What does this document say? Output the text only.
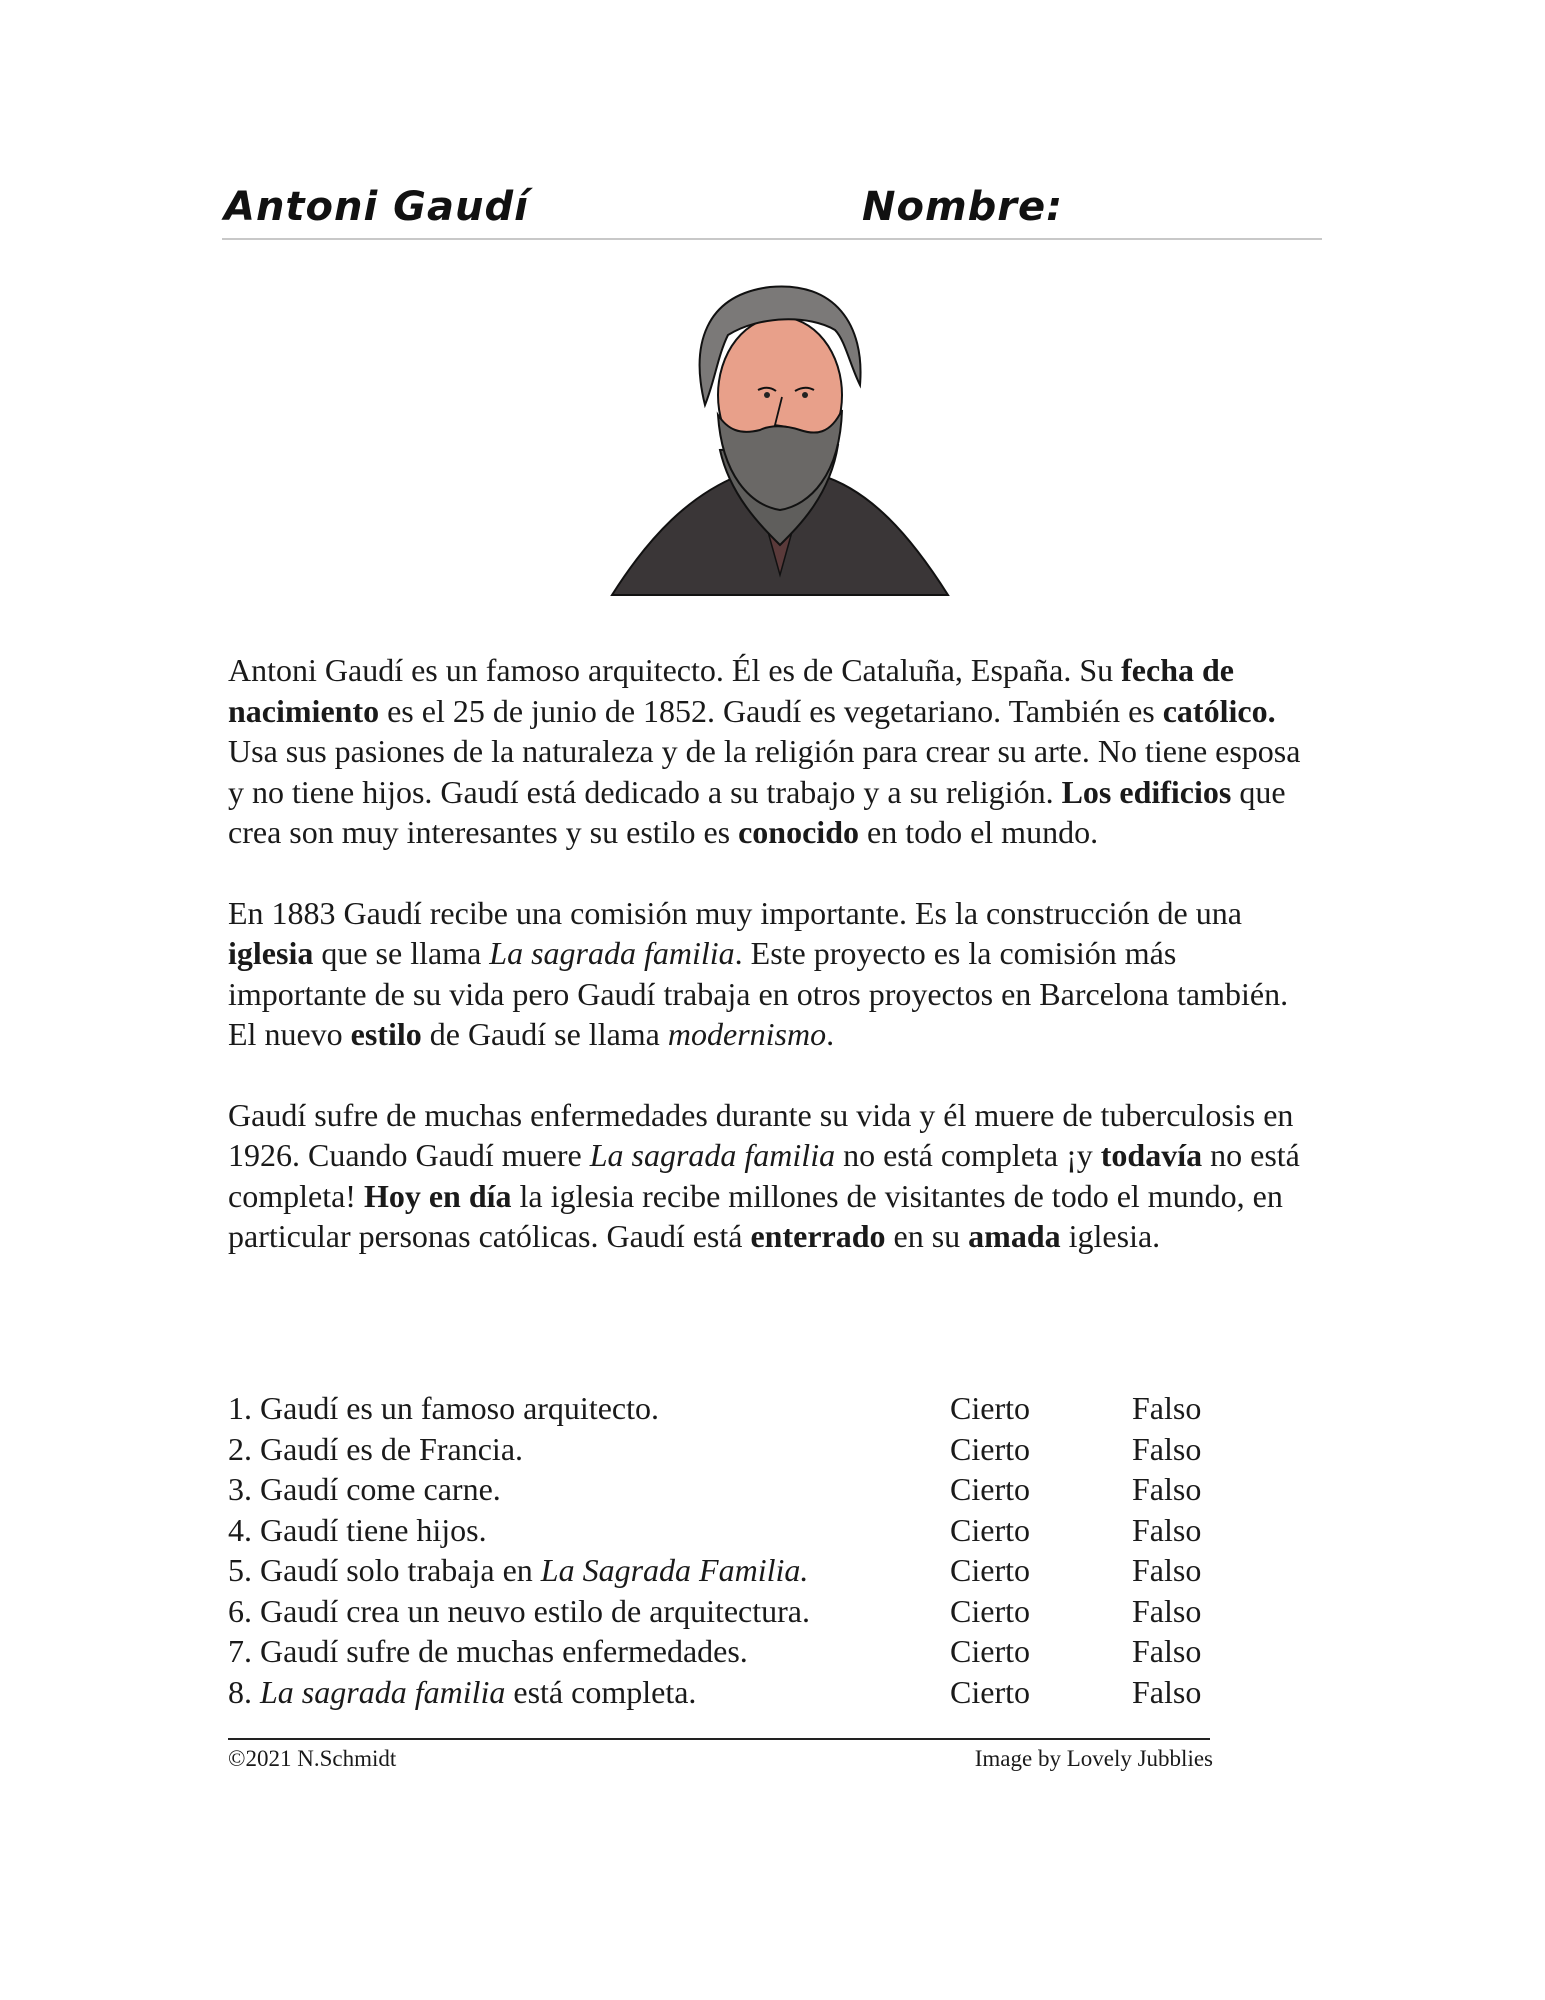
Antoni Gaudí	Nombre:

Antoni Gaudí es un famoso arquitecto. Él es de Cataluña, España. Su fecha de nacimiento es el 25 de junio de 1852. Gaudí es vegetariano. También es católico. Usa sus pasiones de la naturaleza y de la religión para crear su arte. No tiene esposa y no tiene hijos. Gaudí está dedicado a su trabajo y a su religión. Los edificios que crea son muy interesantes y su estilo es conocido en todo el mundo.

En 1883 Gaudí recibe una comisión muy importante. Es la construcción de una iglesia que se llama La sagrada familia. Este proyecto es la comisión más importante de su vida pero Gaudí trabaja en otros proyectos en Barcelona también. El nuevo estilo de Gaudí se llama modernismo.

Gaudí sufre de muchas enfermedades durante su vida y él muere de tuberculosis en 1926. Cuando Gaudí muere La sagrada familia no está completa ¡y todavía no está completa! Hoy en día la iglesia recibe millones de visitantes de todo el mundo, en particular personas católicas. Gaudí está enterrado en su amada iglesia.

1. Gaudí es un famoso arquitecto.	Cierto	Falso
2. Gaudí es de Francia.	Cierto	Falso
3. Gaudí come carne.	Cierto	Falso
4. Gaudí tiene hijos.	Cierto	Falso
5. Gaudí solo trabaja en La Sagrada Familia.	Cierto	Falso
6. Gaudí crea un neuvo estilo de arquitectura.	Cierto	Falso
7. Gaudí sufre de muchas enfermedades.	Cierto	Falso
8. La sagrada familia está completa.	Cierto	Falso
©2021 N.Schmidt	Image by Lovely Jubblies
